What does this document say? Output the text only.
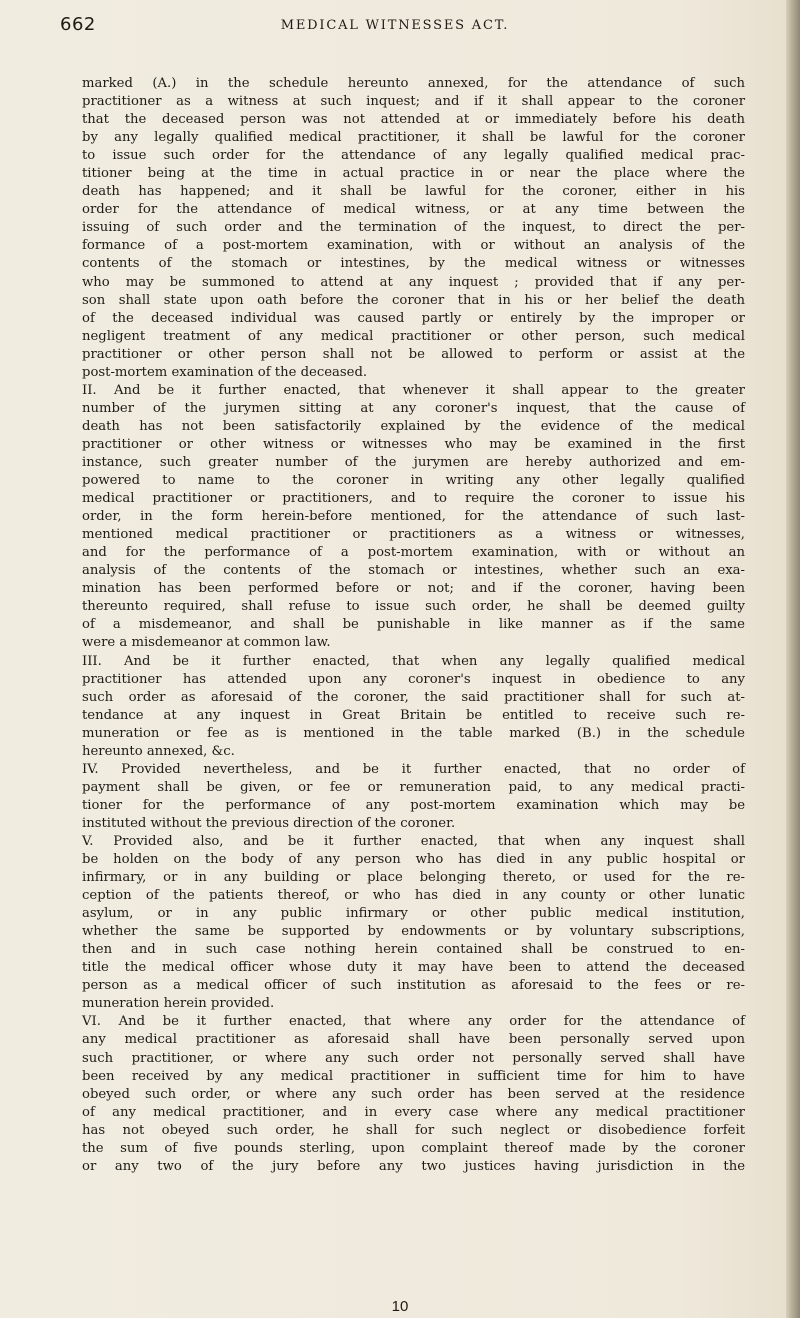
662	MEDICAL WITNESSES ACT.
marked (A.) in the schedule hereunto annexed, for the attendance of such
practitioner as a witness at such inquest; and if it shall appear to the coroner
that the deceased person was not attended at or immediately before his death
by any legally qualified medical practitioner, it shall be lawful for the coroner
to issue such order for the attendance of any legally qualified medical prac-
titioner being at the time in actual practice in or near the place where the
death has happened; and it shall be lawful for the coroner, either in his
order for the attendance of medical witness, or at any time between the
issuing of such order and the termination of the inquest, to direct the per-
formance of a post-mortem examination, with or without an analysis of the
contents of the stomach or intestines, by the medical witness or witnesses
who may be summoned to attend at any inquest ; provided that if any per-
son shall state upon oath before the coroner that in his or her belief the death
of the deceased individual was caused partly or entirely by the improper or
negligent treatment of any medical practitioner or other person, such medical
practitioner or other person shall not be allowed to perform or assist at the
post-mortem examination of the deceased.
II. And be it further enacted, that whenever it shall appear to the greater
number of the jurymen sitting at any coroner's inquest, that the cause of
death has not been satisfactorily explained by the evidence of the medical
practitioner or other witness or witnesses who may be examined in the first
instance, such greater number of the jurymen are hereby authorized and em-
powered to name to the coroner in writing any other legally qualified
medical practitioner or practitioners, and to require the coroner to issue his
order, in the form herein-before mentioned, for the attendance of such last-
mentioned medical practitioner or practitioners as a witness or witnesses,
and for the performance of a post-mortem examination, with or without an
analysis of the contents of the stomach or intestines, whether such an exa-
mination has been performed before or not; and if the coroner, having been
thereunto required, shall refuse to issue such order, he shall be deemed guilty
of a misdemeanor, and shall be punishable in like manner as if the same
were a misdemeanor at common law.
III. And be it further enacted, that when any legally qualified medical
practitioner has attended upon any coroner's inquest in obedience to any
such order as aforesaid of the coroner, the said practitioner shall for such at-
tendance at any inquest in Great Britain be entitled to receive such re-
muneration or fee as is mentioned in the table marked (B.) in the schedule
hereunto annexed, &c.
IV. Provided nevertheless, and be it further enacted, that no order of
payment shall be given, or fee or remuneration paid, to any medical practi-
tioner for the performance of any post-mortem examination which may be
instituted without the previous direction of the coroner.
V. Provided also, and be it further enacted, that when any inquest shall
be holden on the body of any person who has died in any public hospital or
infirmary, or in any building or place belonging thereto, or used for the re-
ception of the patients thereof, or who has died in any county or other lunatic
asylum, or in any public infirmary or other public medical institution,
whether the same be supported by endowments or by voluntary subscriptions,
then and in such case nothing herein contained shall be construed to en-
title the medical officer whose duty it may have been to attend the deceased
person as a medical officer of such institution as aforesaid to the fees or re-
muneration herein provided.
VI. And be it further enacted, that where any order for the attendance of
any medical practitioner as aforesaid shall have been personally served upon
such practitioner, or where any such order not personally served shall have
been received by any medical practitioner in sufficient time for him to have
obeyed such order, or where any such order has been served at the residence
of any medical practitioner, and in every case where any medical practitioner
has not obeyed such order, he shall for such neglect or disobedience forfeit
the sum of five pounds sterling, upon complaint thereof made by the coroner
or any two of the jury before any two justices having jurisdiction in the
10
